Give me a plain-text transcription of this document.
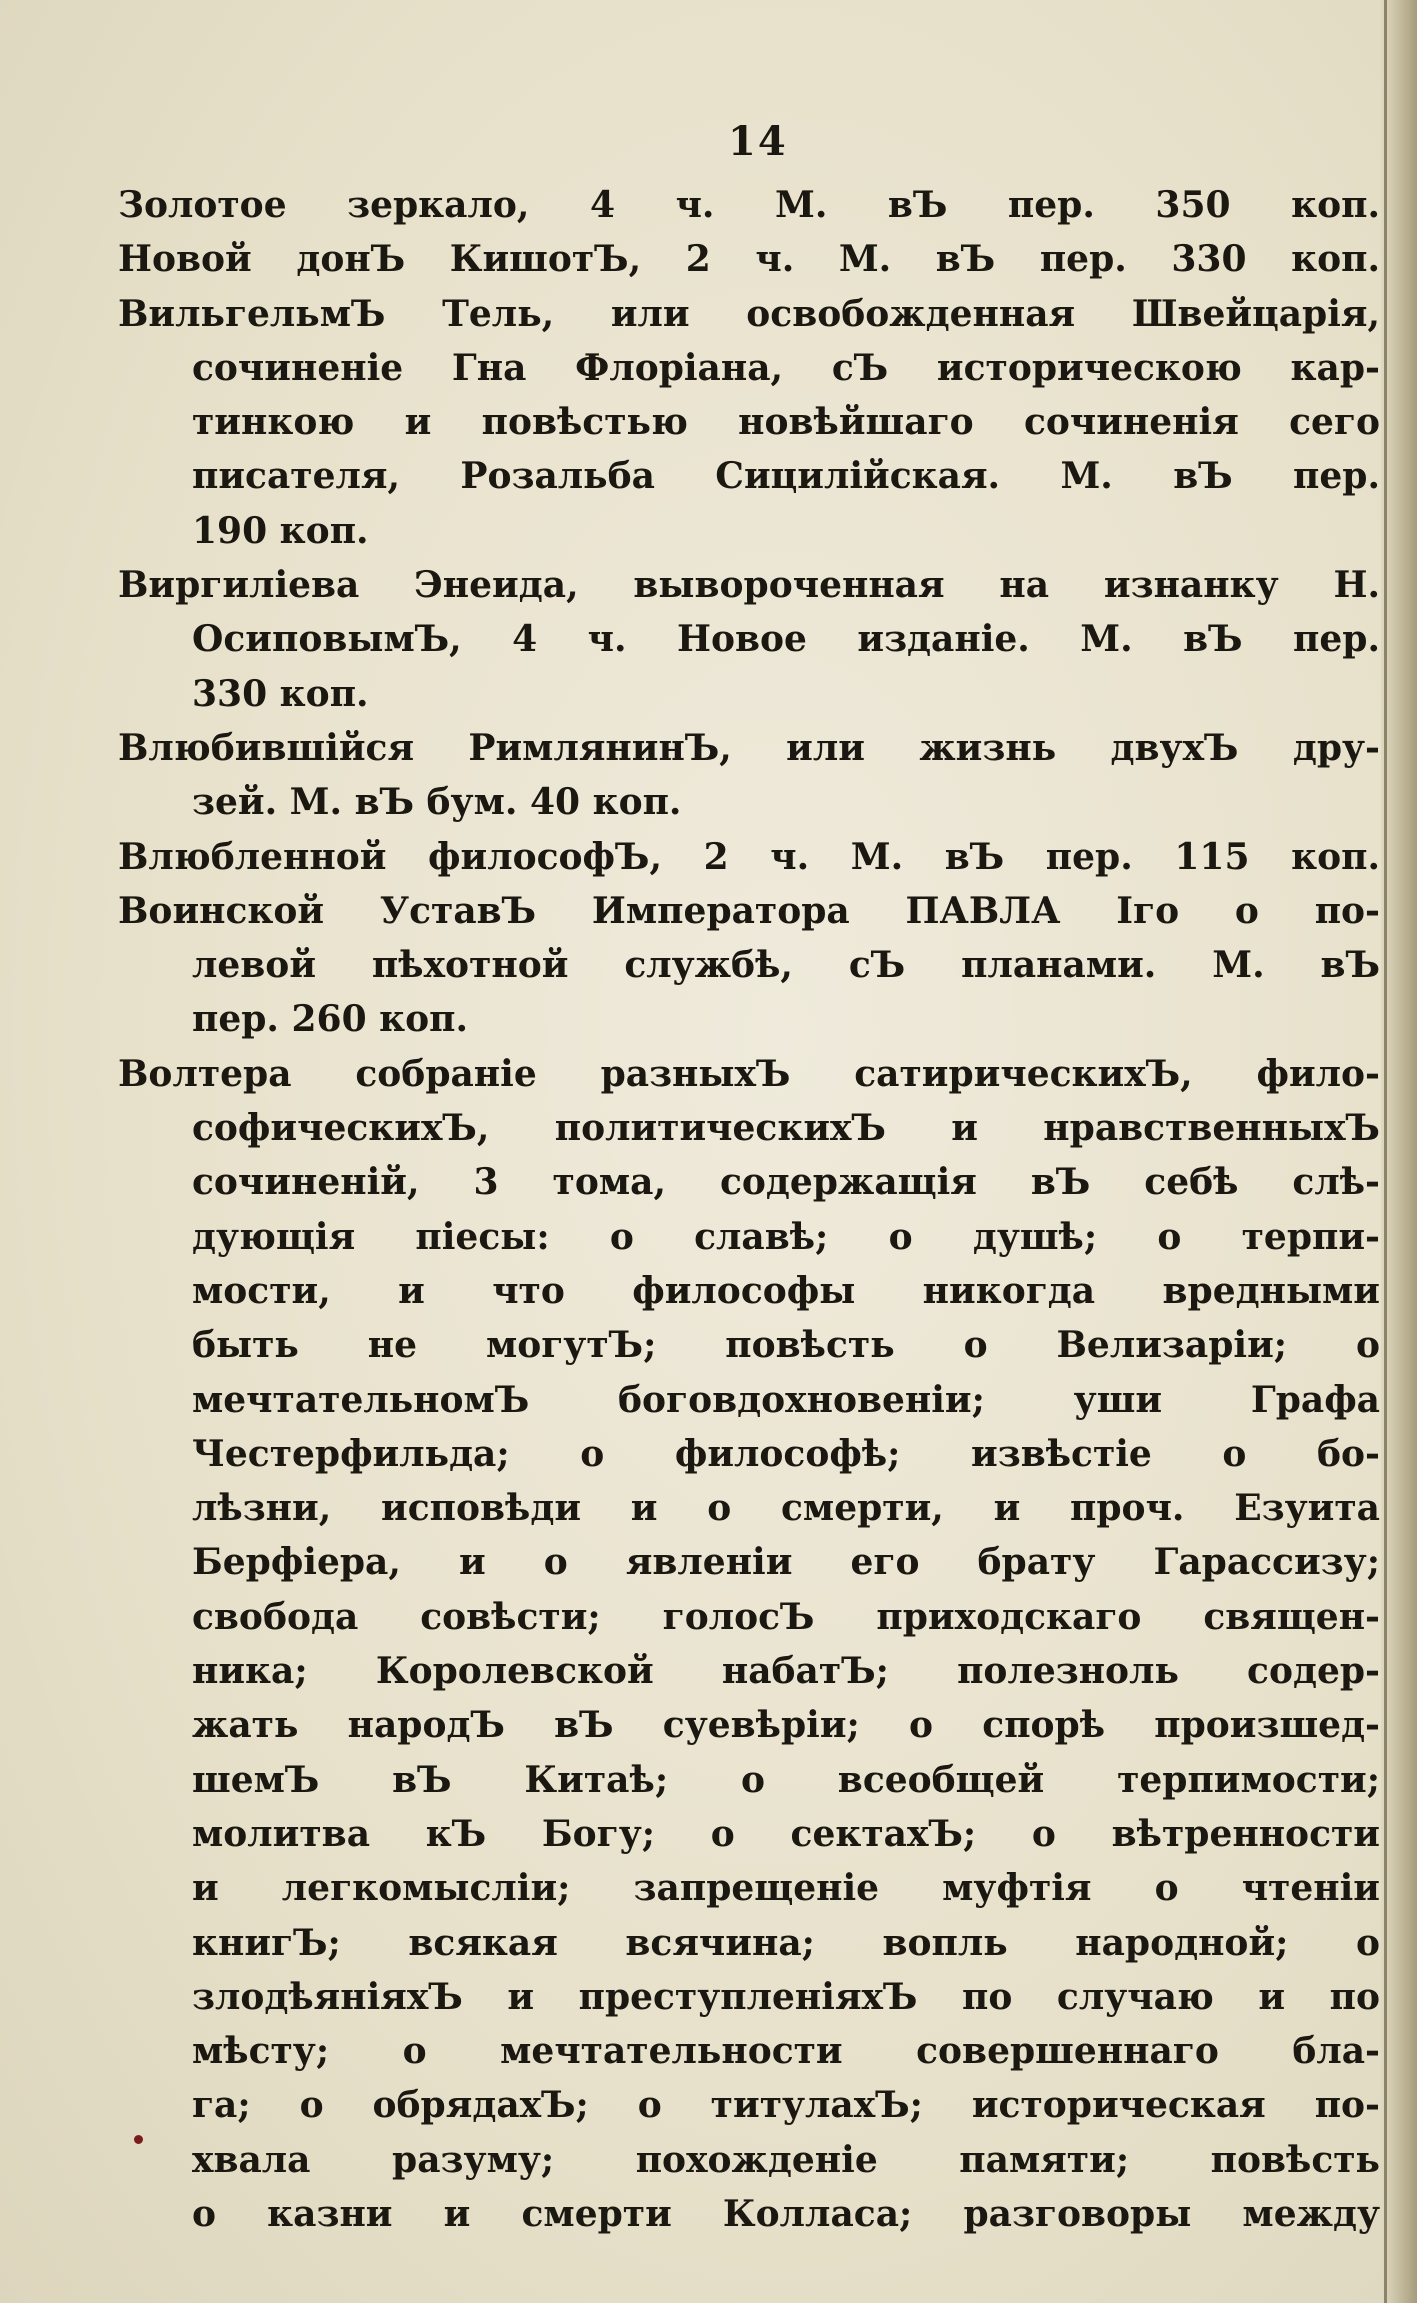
14
Золотое зеркало, 4 ч. М. вЪ пер. 350 коп.
Новой донЪ КишотЪ, 2 ч. М. вЪ пер. 330 коп.
ВильгельмЪ Тель, или освобожденная Швейцарія,
сочиненіе Гна Флоріана, сЪ историческою кар-
тинкою и повѣстью новѣйшаго сочиненія сего
писателя, Розальба Сицилійская. М. вЪ пер.
190 коп.
Виргиліева Энеида, вывороченная на изнанку Н.
ОсиповымЪ, 4 ч. Новое изданіе. М. вЪ пер.
330 коп.
Влюбившійся РимлянинЪ, или жизнь двухЪ дру-
зей. М. вЪ бум. 40 коп.
Влюбленной философЪ, 2 ч. М. вЪ пер. 115 коп.
Воинской УставЪ Императора ПАВЛА Іго о по-
левой пѣхотной службѣ, сЪ планами. М. вЪ
пер. 260 коп.
Волтера собраніе разныхЪ сатирическихЪ, фило-
софическихЪ, политическихЪ и нравственныхЪ
сочиненій, 3 тома, содержащія вЪ себѣ слѣ-
дующія піесы: о славѣ; о душѣ; о терпи-
мости, и что философы никогда вредными
быть не могутЪ; повѣсть о Велизаріи; о
мечтательномЪ боговдохновеніи; уши Графа
Честерфильда; о философѣ; извѣстіе о бо-
лѣзни, исповѣди и о смерти, и проч. Езуита
Берфіера, и о явленіи его брату Гарассизу;
свобода совѣсти; голосЪ приходскаго священ-
ника; Королевской набатЪ; полезноль содер-
жать народЪ вЪ суевѣріи; о спорѣ произшед-
шемЪ вЪ Китаѣ; о всеобщей терпимости;
молитва кЪ Богу; о сектахЪ; о вѣтренности
и легкомысліи; запрещеніе муфтія о чтеніи
книгЪ; всякая всячина; вопль народной; о
злодѣяніяхЪ и преступленіяхЪ по случаю и по
мѣсту; о мечтательности совершеннаго бла-
га; о обрядахЪ; о титулахЪ; историческая по-
хвала разуму; похожденіе памяти; повѣсть
о казни и смерти Колласа; разговоры между
